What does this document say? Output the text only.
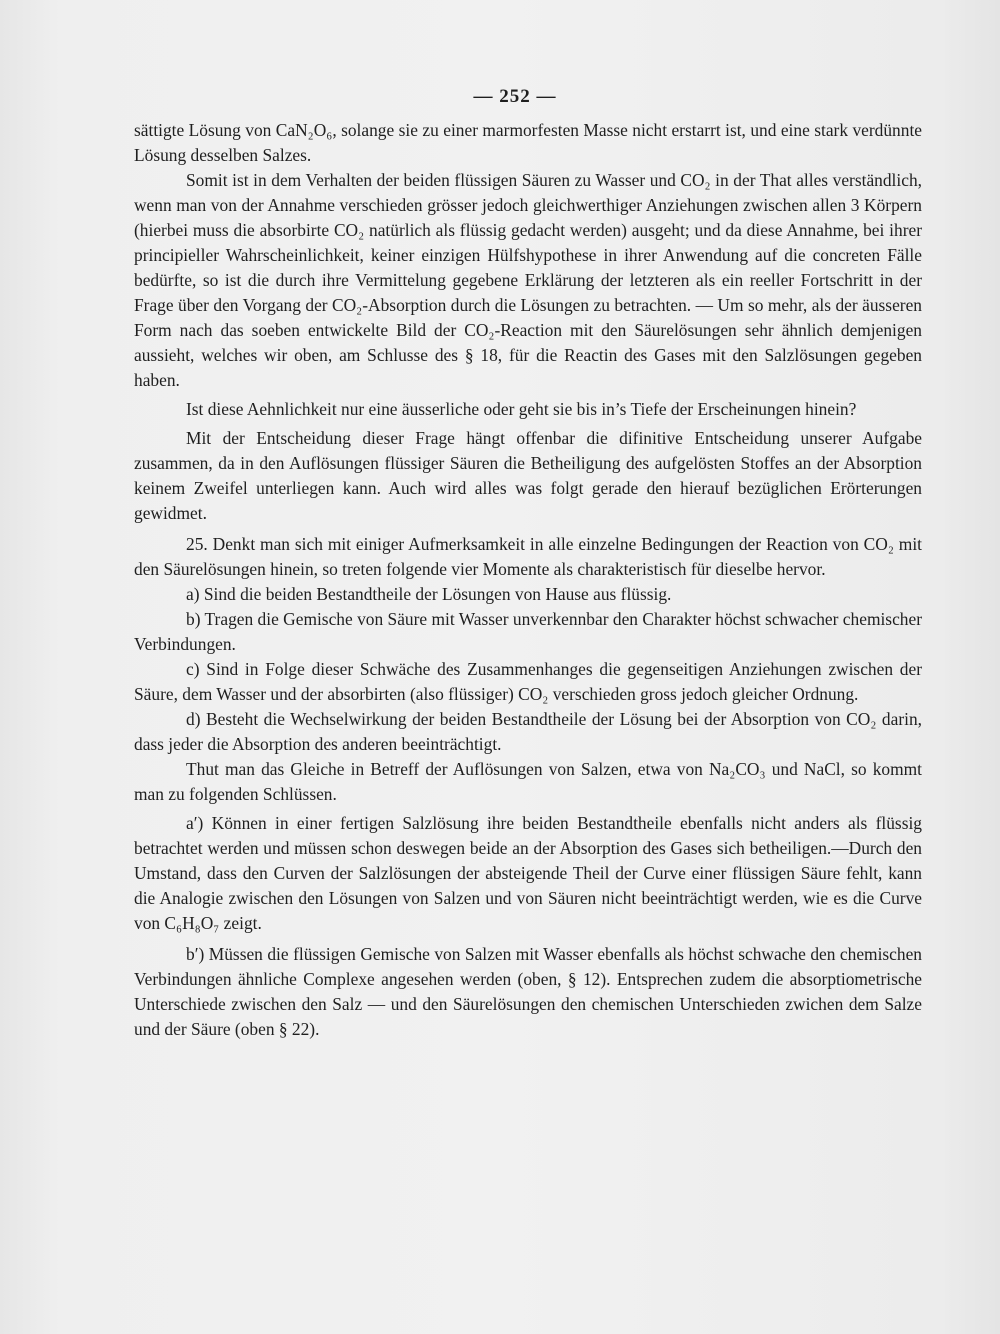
— 252 —

sättigte Lösung von CaN₂O₆, solange sie zu einer marmorfesten Masse nicht erstarrt ist, und eine stark verdünnte Lösung desselben Salzes.

Somit ist in dem Verhalten der beiden flüssigen Säuren zu Wasser und CO₂ in der That alles verständlich, wenn man von der Annahme verschieden grösser jedoch gleichwerthiger Anziehungen zwischen allen 3 Körpern (hierbei muss die absorbirte CO₂ natürlich als flüssig gedacht werden) ausgeht; und da diese Annahme, bei ihrer principieller Wahrscheinlichkeit, keiner einzigen Hülfshypothese in ihrer Anwendung auf die concreten Fälle bedürfte, so ist die durch ihre Vermittelung gegebene Erklärung der letzteren als ein reeller Fortschritt in der Frage über den Vorgang der CO₂-Absorption durch die Lösungen zu betrachten. — Um so mehr, als der äusseren Form nach das soeben entwickelte Bild der CO₂-Reaction mit den Säurelösungen sehr ähnlich demjenigen aussieht, welches wir oben, am Schlusse des § 18, für die Reactin des Gases mit den Salzlösungen gegeben haben.

Ist diese Aehnlichkeit nur eine äusserliche oder geht sie bis in’s Tiefe der Erscheinungen hinein?

Mit der Entscheidung dieser Frage hängt offenbar die difinitive Entscheidung unserer Aufgabe zusammen, da in den Auflösungen flüssiger Säuren die Betheiligung des aufgelösten Stoffes an der Absorption keinem Zweifel unterliegen kann. Auch wird alles was folgt gerade den hierauf bezüglichen Erörterungen gewidmet.

25. Denkt man sich mit einiger Aufmerksamkeit in alle einzelne Bedingungen der Reaction von CO₂ mit den Säurelösungen hinein, so treten folgende vier Momente als charakteristisch für dieselbe hervor.

a) Sind die beiden Bestandtheile der Lösungen von Hause aus flüssig.

b) Tragen die Gemische von Säure mit Wasser unverkennbar den Charakter höchst schwacher chemischer Verbindungen.

c) Sind in Folge dieser Schwäche des Zusammenhanges die gegenseitigen Anziehungen zwischen der Säure, dem Wasser und der absorbirten (also flüssiger) CO₂ verschieden gross jedoch gleicher Ordnung.

d) Besteht die Wechselwirkung der beiden Bestandtheile der Lösung bei der Absorption von CO₂ darin, dass jeder die Absorption des anderen beeinträchtigt.

Thut man das Gleiche in Betreff der Auflösungen von Salzen, etwa von Na₂CO₃ und NaCl, so kommt man zu folgenden Schlüssen.

a′) Können in einer fertigen Salzlösung ihre beiden Bestandtheile ebenfalls nicht anders als flüssig betrachtet werden und müssen schon deswegen beide an der Absorption des Gases sich betheiligen.—Durch den Umstand, dass den Curven der Salzlösungen der absteigende Theil der Curve einer flüssigen Säure fehlt, kann die Analogie zwischen den Lösungen von Salzen und von Säuren nicht beeinträchtigt werden, wie es die Curve von C₆H₈O₇ zeigt.

b′) Müssen die flüssigen Gemische von Salzen mit Wasser ebenfalls als höchst schwache den chemischen Verbindungen ähnliche Complexe angesehen werden (oben, § 12). Entsprechen zudem die absorptiometrische Unterschiede zwischen den Salz — und den Säurelösungen den chemischen Unterschieden zwichen dem Salze und der Säure (oben § 22).
